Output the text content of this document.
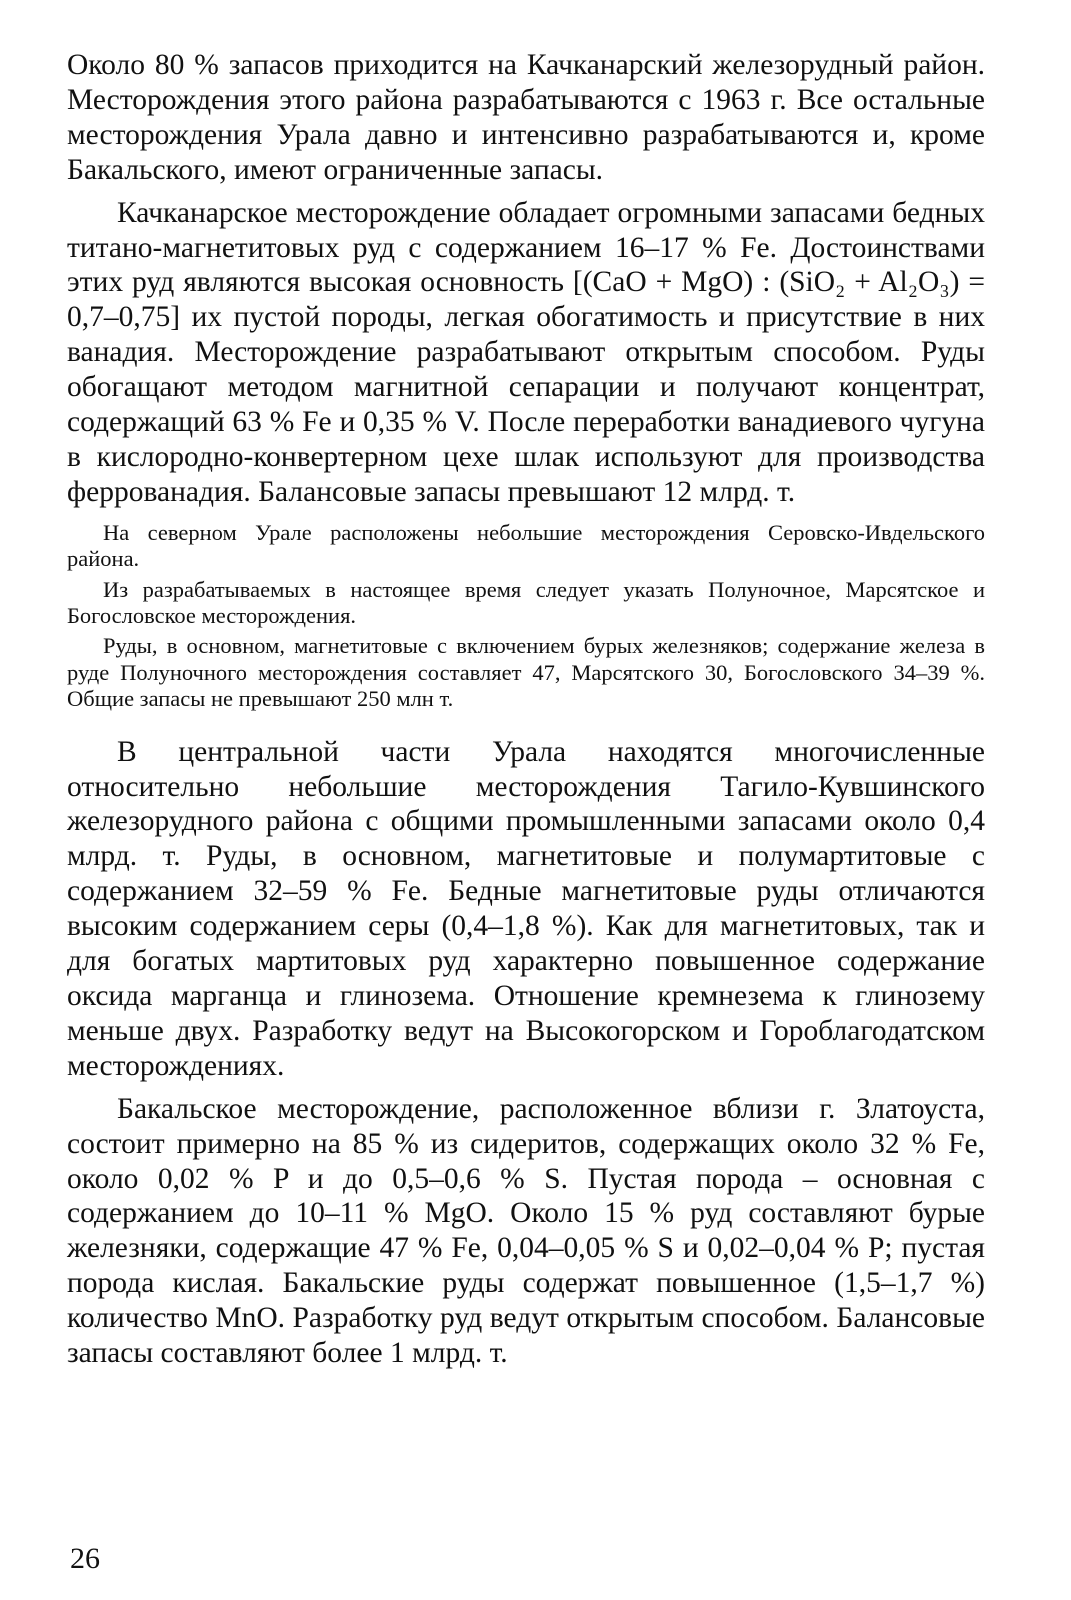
Около 80 % запасов приходится на Качканарский железорудный район. Месторождения этого района разрабатываются с 1963 г. Все остальные месторождения Урала давно и интенсивно разрабатываются и, кроме Бакальского, имеют ограниченные запасы.

Качканарское месторождение обладает огромными запасами бедных титано-магнетитовых руд с содержанием 16–17 % Fe. Достоинствами этих руд являются высокая основность [(CaO + MgO) : (SiO₂ + Al₂O₃) = 0,7–0,75] их пустой породы, легкая обогатимость и присутствие в них ванадия. Месторождение разрабатывают открытым способом. Руды обогащают методом магнитной сепарации и получают концентрат, содержащий 63 % Fe и 0,35 % V. После переработки ванадиевого чугуна в кислородно-конвертерном цехе шлак используют для производства феррованадия. Балансовые запасы превышают 12 млрд. т.

На северном Урале расположены небольшие месторождения Серовско-Ивдельского района.

Из разрабатываемых в настоящее время следует указать Полуночное, Марсятское и Богословское месторождения.

Руды, в основном, магнетитовые с включением бурых железняков; содержание железа в руде Полуночного месторождения составляет 47, Марсятского 30, Богословского 34–39 %. Общие запасы не превышают 250 млн т.

В центральной части Урала находятся многочисленные относительно небольшие месторождения Тагило-Кувшинского железорудного района с общими промышленными запасами около 0,4 млрд. т. Руды, в основном, магнетитовые и полумартитовые с содержанием 32–59 % Fe. Бедные магнетитовые руды отличаются высоким содержанием серы (0,4–1,8 %). Как для магнетитовых, так и для богатых мартитовых руд характерно повышенное содержание оксида марганца и глинозема. Отношение кремнезема к глинозему меньше двух. Разработку ведут на Высокогорском и Гороблагодатском месторождениях.

Бакальское месторождение, расположенное вблизи г. Златоуста, состоит примерно на 85 % из сидеритов, содержащих около 32 % Fe, около 0,02 % P и до 0,5–0,6 % S. Пустая порода – основная с содержанием до 10–11 % MgO. Около 15 % руд составляют бурые железняки, содержащие 47 % Fe, 0,04–0,05 % S и 0,02–0,04 % P; пустая порода кислая. Бакальские руды содержат повышенное (1,5–1,7 %) количество MnO. Разработку руд ведут открытым способом. Балансовые запасы составляют более 1 млрд. т.

26
